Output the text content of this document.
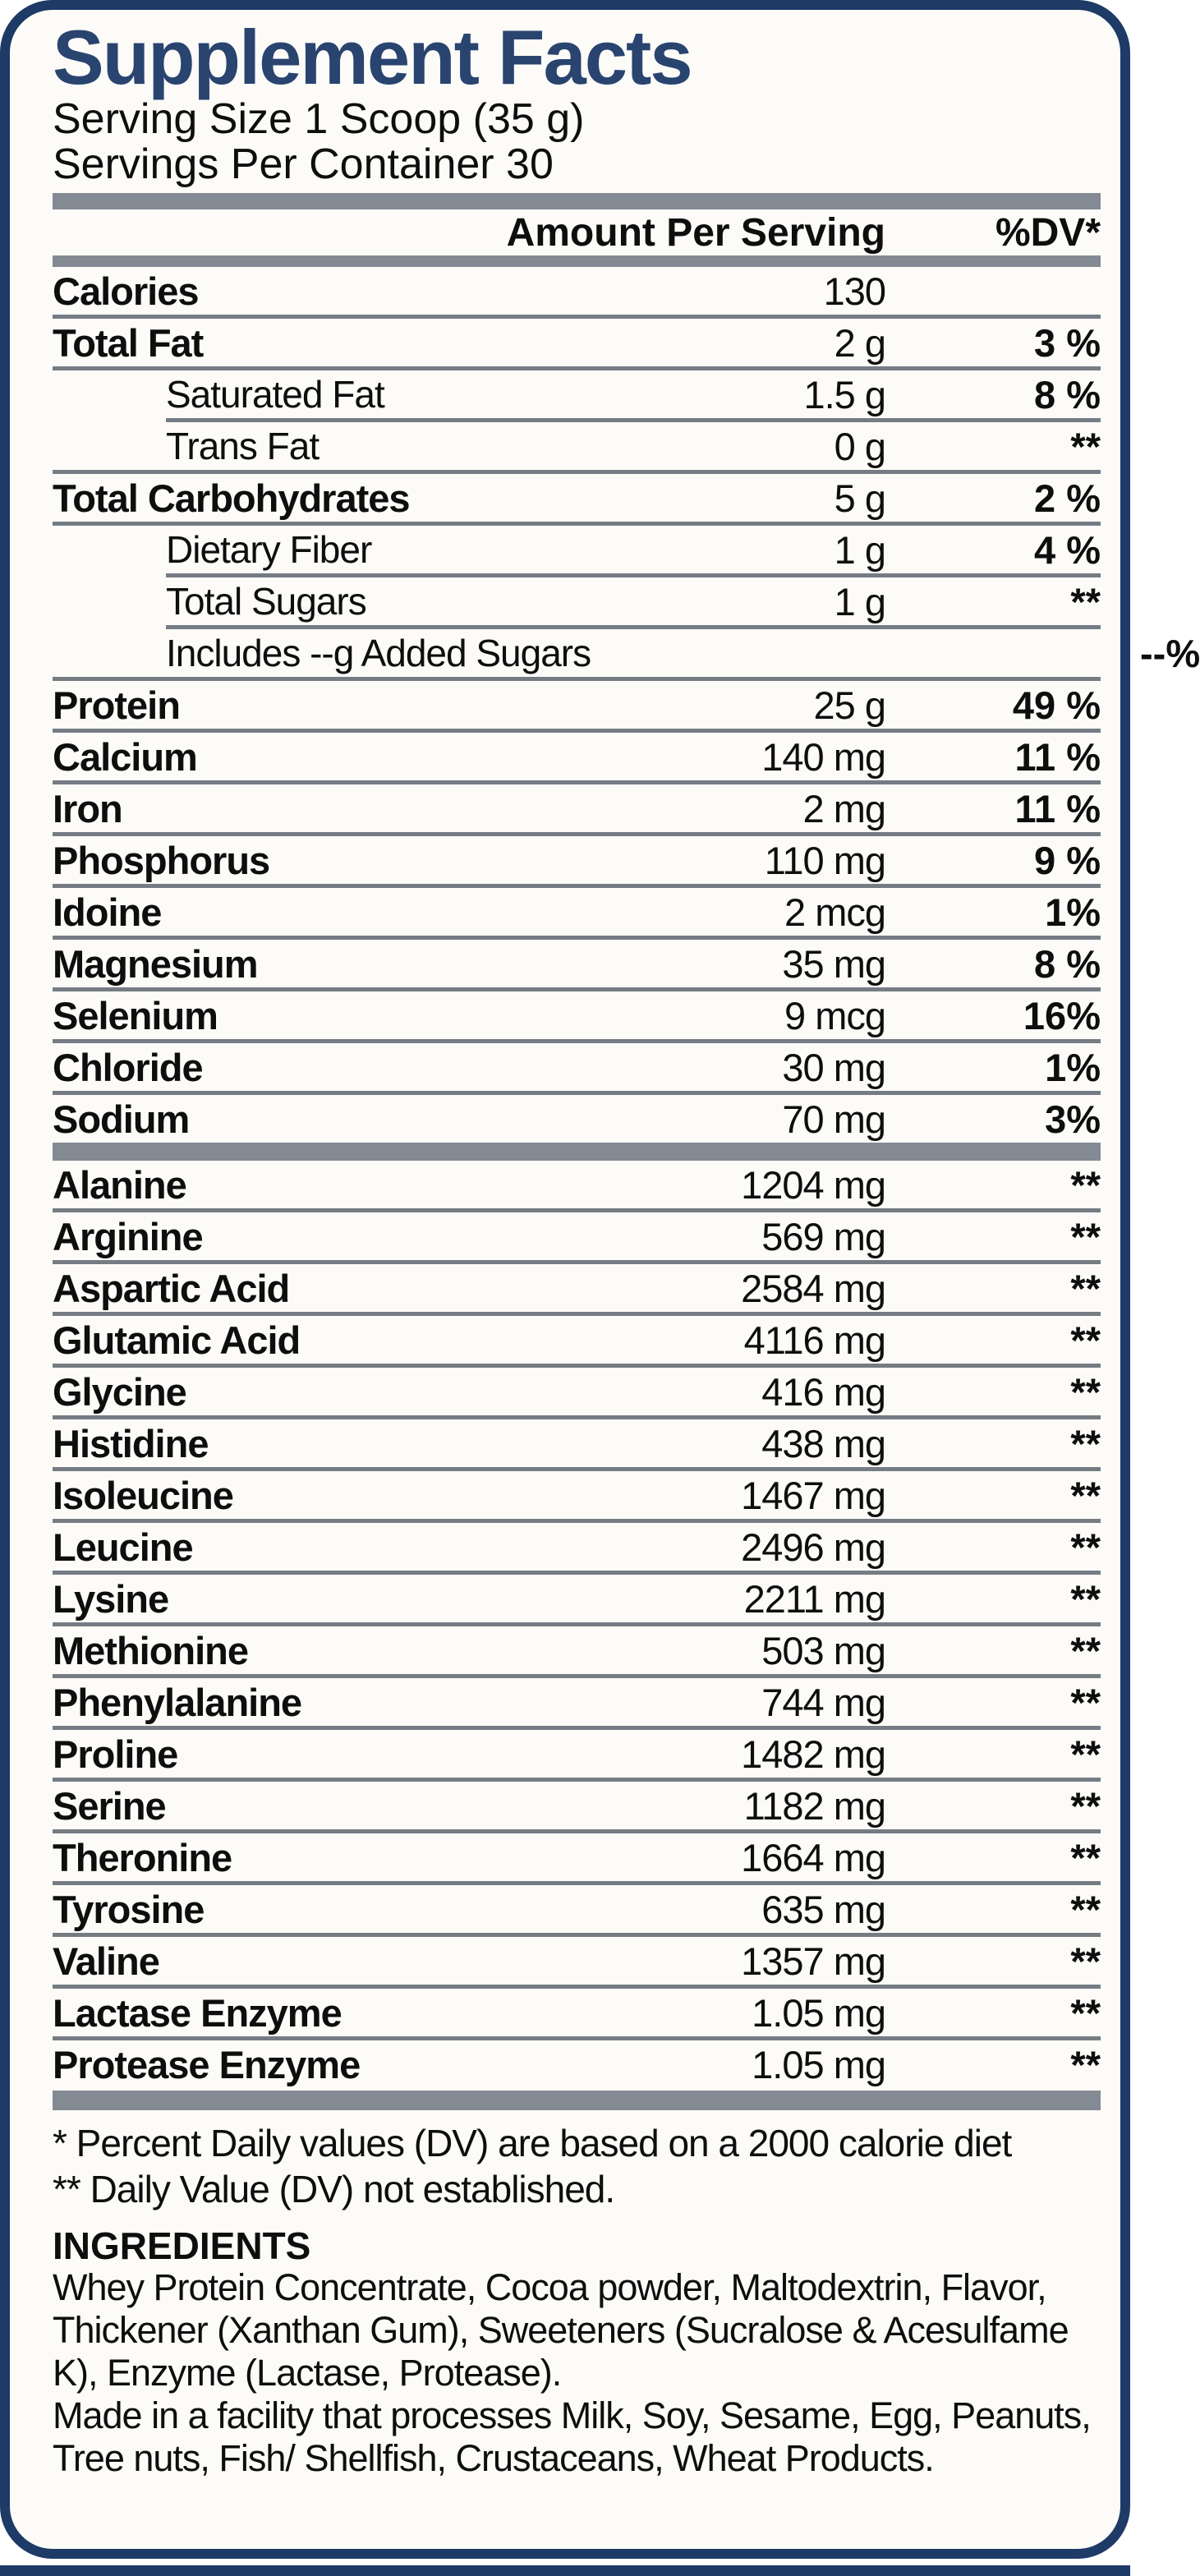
Supplement Facts
Serving Size 1 Scoop (35 g)
Servings Per Container 30
Amount Per Serving	%DV*
Calories	130
Total Fat	2 g	3 %
Saturated Fat	1.5 g	8 %
Trans Fat	0 g	**
Total Carbohydrates	5 g	2 %
Dietary Fiber	1 g	4 %
Total Sugars	1 g	**
Includes --g Added Sugars	--%
Protein	25 g	49 %
Calcium	140 mg	11 %
Iron	2 mg	11 %
Phosphorus	110 mg	9 %
Idoine	2 mcg	1%
Magnesium	35 mg	8 %
Selenium	9 mcg	16%
Chloride	30 mg	1%
Sodium	70 mg	3%
Alanine	1204 mg	**
Arginine	569 mg	**
Aspartic Acid	2584 mg	**
Glutamic Acid	4116 mg	**
Glycine	416 mg	**
Histidine	438 mg	**
Isoleucine	1467 mg	**
Leucine	2496 mg	**
Lysine	2211 mg	**
Methionine	503 mg	**
Phenylalanine	744 mg	**
Proline	1482 mg	**
Serine	1182 mg	**
Theronine	1664 mg	**
Tyrosine	635 mg	**
Valine	1357 mg	**
Lactase Enzyme	1.05 mg	**
Protease Enzyme	1.05 mg	**
* Percent Daily values (DV) are based on a 2000 calorie diet
** Daily Value (DV) not established.
INGREDIENTS
Whey Protein Concentrate, Cocoa powder, Maltodextrin, Flavor, Thickener (Xanthan Gum), Sweeteners (Sucralose & Acesulfame K), Enzyme (Lactase, Protease).
Made in a facility that processes Milk, Soy, Sesame, Egg, Peanuts, Tree nuts, Fish/ Shellfish, Crustaceans, Wheat Products.
